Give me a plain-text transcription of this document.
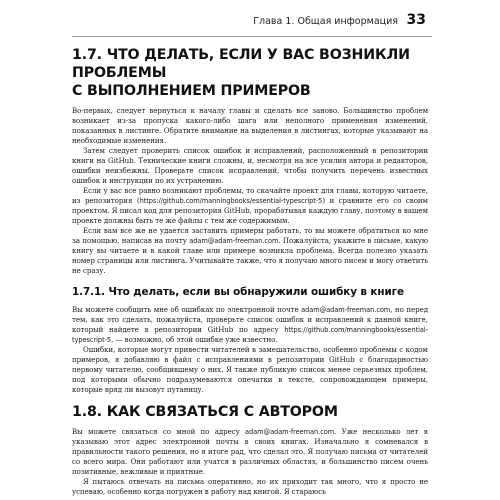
Глава 1. Общая информация 33
1.7. ЧТО ДЕЛАТЬ, ЕСЛИ У ВАС ВОЗНИКЛИ ПРОБЛЕМЫ
С ВЫПОЛНЕНИЕМ ПРИМЕРОВ

Во-первых, следует вернуться к началу главы и сделать все заново. Большинство проблем возникает из-за пропуска какого-либо шага или неполного применения изменений, показанных в листинге. Обратите внимание на выделения в листингах, которые указывают на необходимые изменения.

Затем следует проверить список ошибок и исправлений, расположенный в репозитории книги на GitHub. Технические книги сложны, и, несмотря на все усилия автора и редакторов, ошибки неизбежны. Проверьте список исправлений, чтобы получить перечень известных ошибок и инструкции по их устранению.

Если у вас все равно возникают проблемы, то скачайте проект для главы, которую читаете, из репозитория (https://github.com/manningbooks/essential-typescript-5) и сравните его со своим проектом. Я писал код для репозитория GitHub, прорабатывая каждую главу, поэтому в вашем проекте должны быть те же файлы с тем же содержимым.

Если вам все же не удается заставить примеры работать, то вы можете обратиться ко мне за помощью, написав на почту adam@adam-freeman.com. Пожалуйста, укажите в письме, какую книгу вы читаете и в какой главе или примере возникла проблема. Всегда полезно указать номер страницы или листинга. Учитывайте также, что я получаю много писем и могу ответить не сразу.

1.7.1. Что делать, если вы обнаружили ошибку в книге

Вы можете сообщить мне об ошибках по электронной почте adam@adam-freeman.com, но перед тем, как это сделать, пожалуйста, проверьте список ошибок и исправлений к данной книге, который найдете в репозитории GitHub по адресу https://github.com/manningbooks/essential-typescript-5, — возможно, об этой ошибке уже известно.

Ошибки, которые могут привести читателей в замешательство, особенно проблемы с кодом примеров, я добавляю в файл с исправлениями в репозитории GitHub с благодарностью первому читателю, сообщившему о них. Я также публикую список менее серьезных проблем, под которыми обычно подразумеваются опечатки в тексте, сопровождающем примеры, которые вряд ли вызовут путаницу.

1.8. КАК СВЯЗАТЬСЯ С АВТОРОМ

Вы можете связаться со мной по адресу adam@adam-freeman.com. Уже несколько лет я указываю этот адрес электронной почты в своих книгах. Изначально я сомневался в правильности такого решения, но я итоге рад, что сделал это. Я получаю письма от читателей со всего мира. Они работают или учатся в различных областях, и большинство писем очень позитивные, вежливые и приятные.

Я пытаюсь отвечать на письма оперативно, но их приходит так много, что я просто не успеваю, особенно когда погружен в работу над книгой. Я стараюсь
